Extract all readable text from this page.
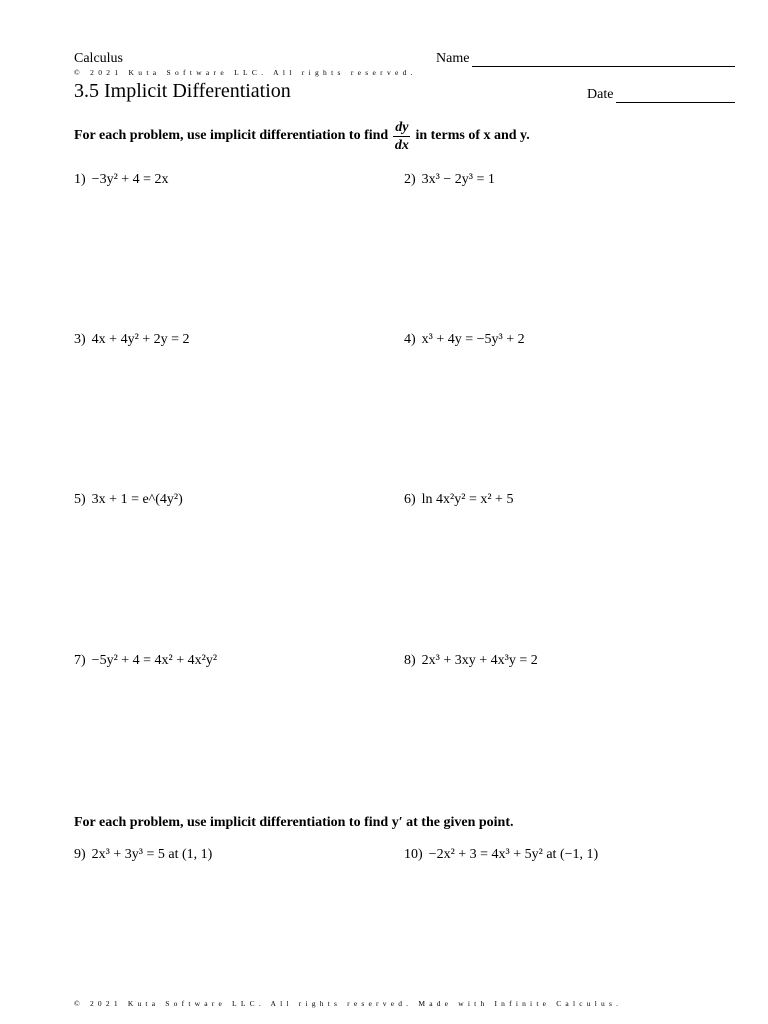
Calculus	Name
© 2021 Kuta Software LLC. All rights reserved.
3.5 Implicit Differentiation	Date
For each problem, use implicit differentiation to find $\frac{dy}{dx}$ in terms of x and y.
1) −3y² + 4 = 2x	2) 3x³ − 2y³ = 1
3) 4x + 4y² + 2y = 2	4) x³ + 4y = −5y³ + 2
5) 3x + 1 = e^(4y²)	6) ln 4x²y² = x² + 5
7) −5y² + 4 = 4x² + 4x²y²	8) 2x³ + 3xy + 4x³y = 2
For each problem, use implicit differentiation to find y′ at the given point.
9) 2x³ + 3y³ = 5 at (1, 1)	10) −2x² + 3 = 4x³ + 5y² at (−1, 1)
© 2021 Kuta Software LLC. All rights reserved. Made with Infinite Calculus.
